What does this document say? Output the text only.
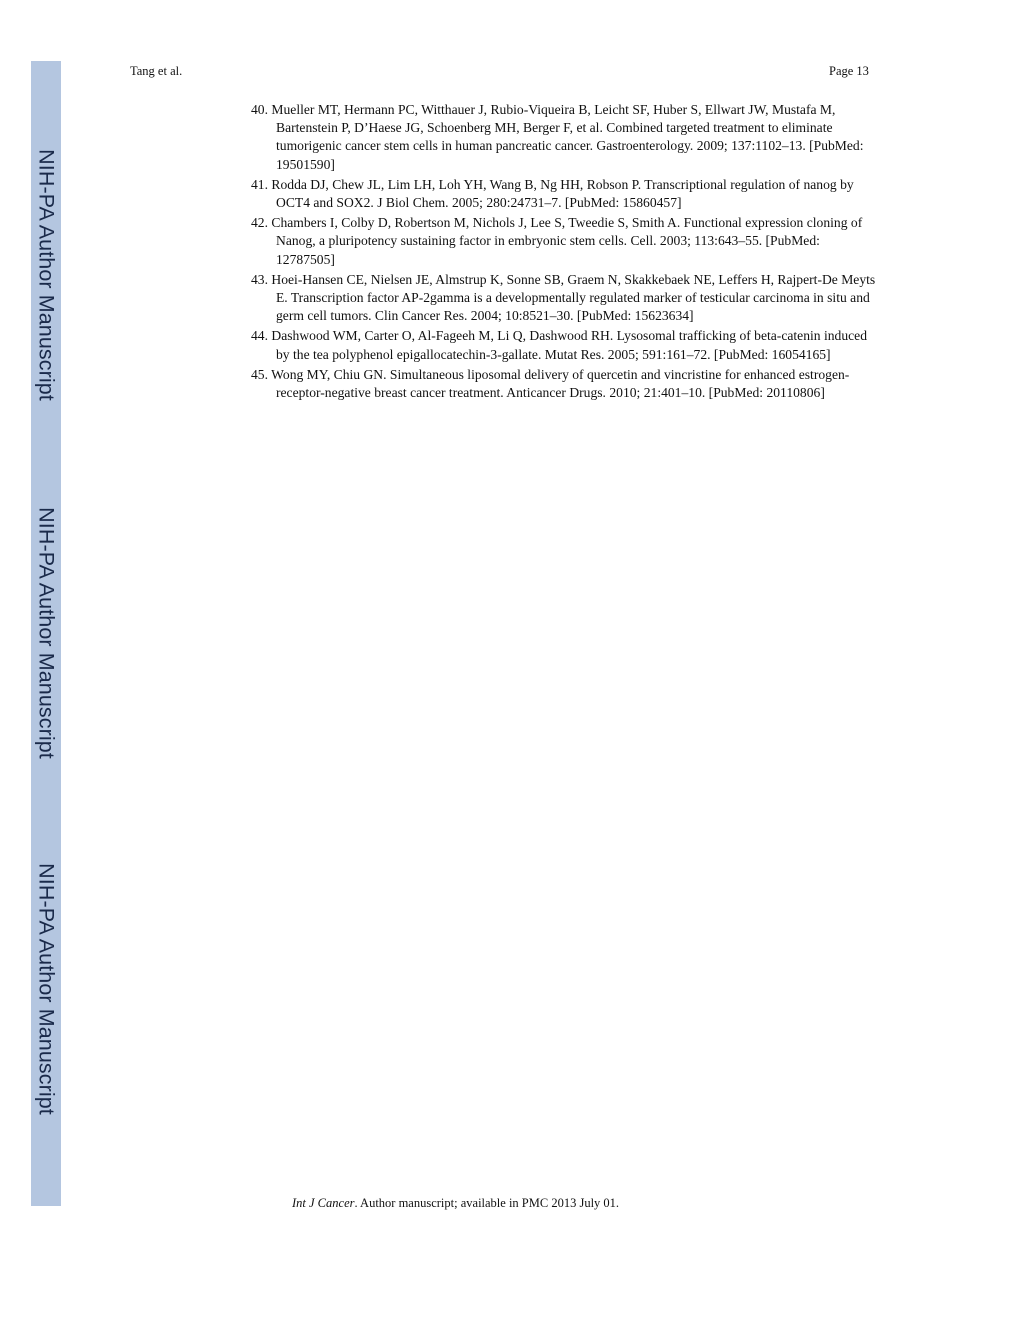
NIH-PA Author Manuscript
NIH-PA Author Manuscript
NIH-PA Author Manuscript
Tang et al.	Page 13
40. Mueller MT, Hermann PC, Witthauer J, Rubio-Viqueira B, Leicht SF, Huber S, Ellwart JW, Mustafa M, Bartenstein P, D’Haese JG, Schoenberg MH, Berger F, et al. Combined targeted treatment to eliminate tumorigenic cancer stem cells in human pancreatic cancer. Gastroenterology. 2009; 137:1102–13. [PubMed: 19501590]
41. Rodda DJ, Chew JL, Lim LH, Loh YH, Wang B, Ng HH, Robson P. Transcriptional regulation of nanog by OCT4 and SOX2. J Biol Chem. 2005; 280:24731–7. [PubMed: 15860457]
42. Chambers I, Colby D, Robertson M, Nichols J, Lee S, Tweedie S, Smith A. Functional expression cloning of Nanog, a pluripotency sustaining factor in embryonic stem cells. Cell. 2003; 113:643–55. [PubMed: 12787505]
43. Hoei-Hansen CE, Nielsen JE, Almstrup K, Sonne SB, Graem N, Skakkebaek NE, Leffers H, Rajpert-De Meyts E. Transcription factor AP-2gamma is a developmentally regulated marker of testicular carcinoma in situ and germ cell tumors. Clin Cancer Res. 2004; 10:8521–30. [PubMed: 15623634]
44. Dashwood WM, Carter O, Al-Fageeh M, Li Q, Dashwood RH. Lysosomal trafficking of beta-catenin induced by the tea polyphenol epigallocatechin-3-gallate. Mutat Res. 2005; 591:161–72. [PubMed: 16054165]
45. Wong MY, Chiu GN. Simultaneous liposomal delivery of quercetin and vincristine for enhanced estrogen-receptor-negative breast cancer treatment. Anticancer Drugs. 2010; 21:401–10. [PubMed: 20110806]
Int J Cancer. Author manuscript; available in PMC 2013 July 01.
